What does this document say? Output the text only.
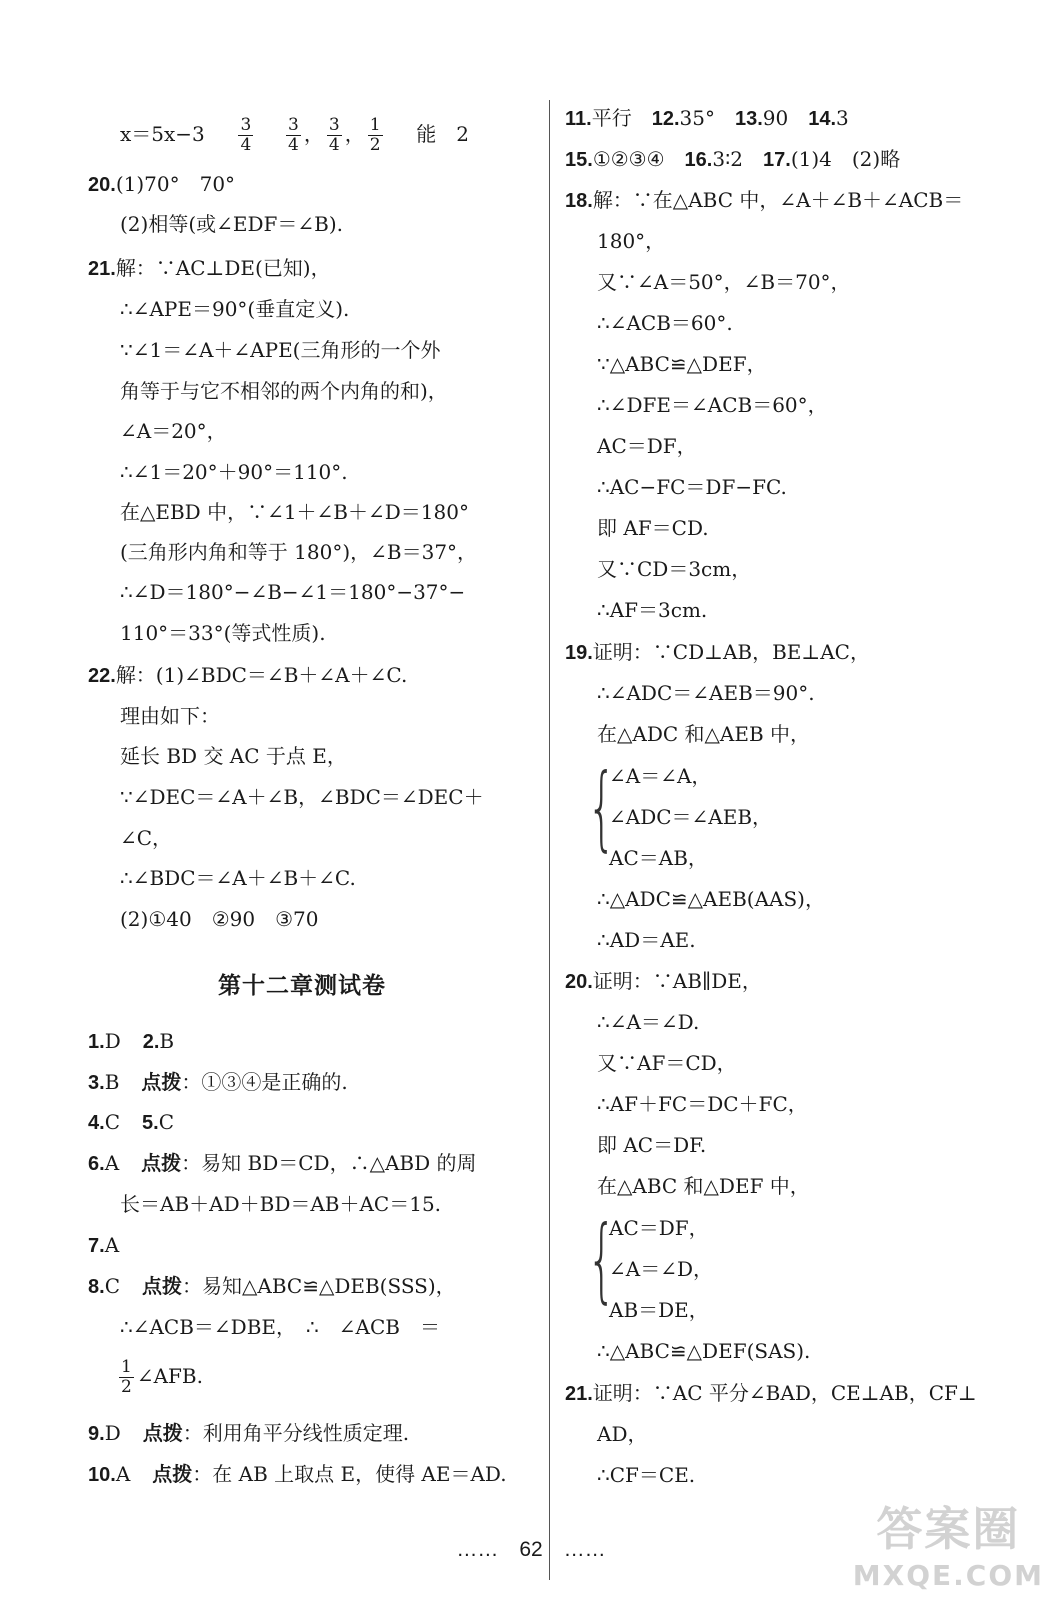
$x=5x-3 \frac{3}{4}$
$\frac{3}{4}$ ， $\frac{3}{4}$ ， $\frac{1}{2}$ 能　2
20.(1)70°　70°
(2)相等(或∠EDF＝∠B).
21.解：∵AC⊥DE(已知)，
∴∠APE＝90°(垂直定义).
∵∠1＝∠A＋∠APE(三角形的一个外
角等于与它不相邻的两个内角的和)，
∠A＝20°，
∴∠1＝20°＋90°＝110°.
在△EBD 中，∵∠1＋∠B＋∠D＝180°
(三角形内角和等于 180°)，∠B＝37°，
∴∠D＝180°−∠B−∠1＝180°−37°−
110°＝33°(等式性质).
22.解：(1)∠BDC＝∠B＋∠A＋∠C.
理由如下：
延长 BD 交 AC 于点 E，
∵∠DEC＝∠A＋∠B，∠BDC＝∠DEC＋
∠C，
∴∠BDC＝∠A＋∠B＋∠C.
(2)①40　②90　③70
第十二章测试卷
1.D 2.B
3.B 点拨：①③④是正确的.
4.C 5.C
6.A 点拨：易知 BD＝CD，∴△ABD 的周
长＝AB＋AD＋BD＝AB＋AC＝15.
7.A
8.C 点拨：易知△ABC≌△DEB(SSS)，
∴∠ACB＝∠DBE，　∴　∠ACB　＝
$\frac{1}{2}$ ∠AFB.
9.D 点拨：利用角平分线性质定理.
10.A 点拨：在 AB 上取点 E，使得 AE＝AD.
11.平行 12.35° 13.90 14.3
15.①②③④ 16.3∶2 17.(1)4　(2)略
18.解：∵在△ABC 中，∠A＋∠B＋∠ACB＝
180°，
又∵∠A＝50°，∠B＝70°，
∴∠ACB＝60°.
∵△ABC≌△DEF，
∴∠DFE＝∠ACB＝60°，
AC＝DF，
∴AC−FC＝DF−FC.
即 AF＝CD.
又∵CD＝3cm，
∴AF＝3cm.
19.证明：∵CD⊥AB，BE⊥AC，
∴∠ADC＝∠AEB＝90°.
在△ADC 和△AEB 中，
{
∠A＝∠A，
∠ADC＝∠AEB，
AC＝AB，
∴△ADC≌△AEB(AAS)，
∴AD＝AE.
20.证明：∵AB∥DE，
∴∠A＝∠D.
又∵AF＝CD，
∴AF＋FC＝DC＋FC，
即 AC＝DF.
在△ABC 和△DEF 中，
{
AC＝DF，
∠A＝∠D，
AB＝DE，
∴△ABC≌△DEF(SAS).
21.证明：∵AC 平分∠BAD，CE⊥AB，CF⊥
AD，
∴CF＝CE.
……　 62　 ……	答案圈
MXQE.COM
